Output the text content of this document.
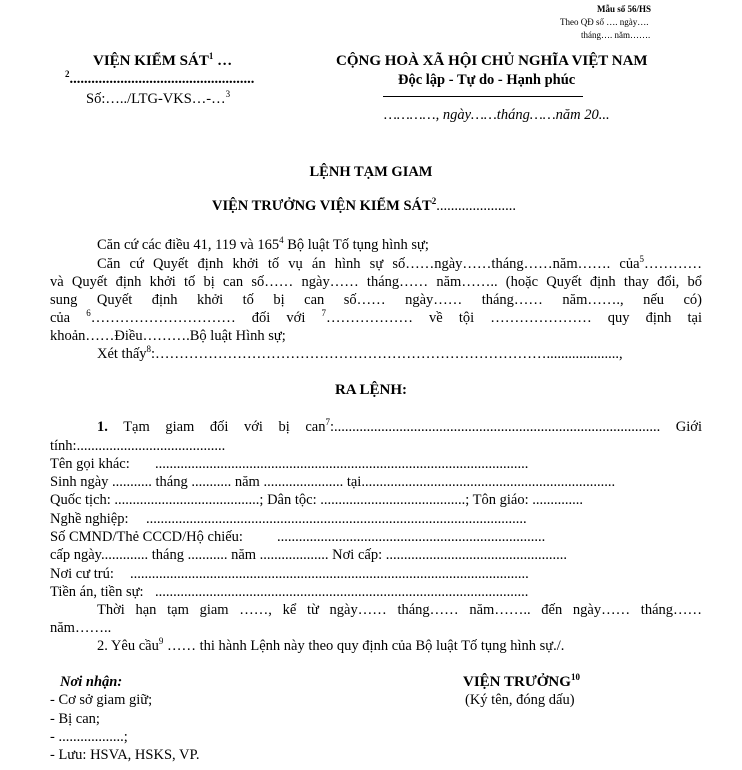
Mẫu số 56/HS
Theo QĐ số …. ngày….
tháng…. năm…….
VIỆN KIỂM SÁT$^1$ …
$^2$...................................................
Số:…../LTG-VKS…-…$^3$
CỘNG HOÀ XÃ HỘI CHỦ NGHĨA VIỆT NAM
Độc lập - Tự do - Hạnh phúc
…………, ngày……tháng……năm 20...
LỆNH TẠM GIAM
VIỆN TRƯỞNG VIỆN KIỂM SÁT$^2$......................
Căn cứ các điều 41, 119 và $165^4$ Bộ luật Tố tụng hình sự;
Căn cứ Quyết định khởi tố vụ án hình sự số……ngày……tháng……năm……. của$^5$…………
và Quyết định khởi tố bị can số…… ngày…… tháng…… năm…….. (hoặc Quyết định thay đổi, bổ
sung Quyết định khởi tố bị can số…… ngày…… tháng…… năm……., nếu có)
của $^6$………………………… đối với $^7$……………… về tội ………………… quy định tại
khoản……Điều……….Bộ luật Hình sự;
Xét thấy$^8$:………………………………………………………………………....................,
RA LỆNH:
1. Tạm giam đối với bị can$^7$:.......................................................................................... Giới
tính:.........................................
Tên gọi khác: .......................................................................................................
Sinh ngày ........... tháng ........... năm ...................... tại......................................................................
Quốc tịch: ........................................; Dân tộc: ........................................; Tôn giáo: ..............
Nghề nghiệp: .........................................................................................................
Số CMND/Thẻ CCCD/Hộ chiếu: ..........................................................................
cấp ngày............. tháng ........... năm ................... Nơi cấp: ..................................................
Nơi cư trú: ..............................................................................................................
Tiền án, tiền sự: .......................................................................................................
Thời hạn tạm giam ……, kể từ ngày…… tháng…… năm…….. đến ngày…… tháng……
năm……..
2. Yêu cầu$^9$ …… thi hành Lệnh này theo quy định của Bộ luật Tố tụng hình sự./.
Nơi nhận:
- Cơ sở giam giữ;
- Bị can;
- ..................;
- Lưu: HSVA, HSKS, VP.
VIỆN TRƯỞNG$^{10}$
(Ký tên, đóng dấu)
